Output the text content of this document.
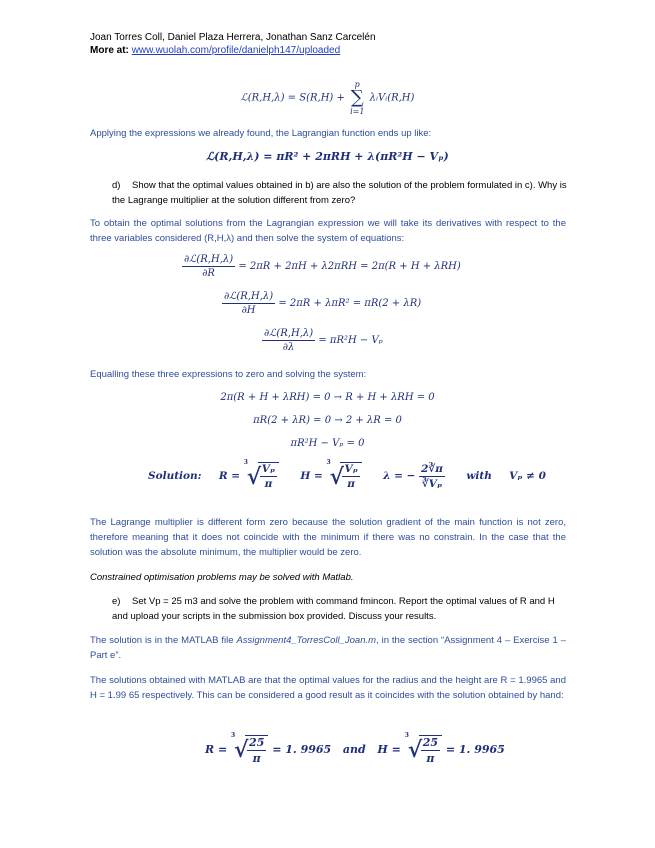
Joan Torres Coll, Daniel Plaza Herrera, Jonathan Sanz Carcelén
More at: www.wuolah.com/profile/danielph147/uploaded
ℒ(R,H,λ) = S(R,H) +
p
∑
i=1
λᵢVᵢ(R,H)
Applying the expressions we already found, the Lagrangian function ends up like:
ℒ(R,H,λ) = πR² + 2πRH + λ(πR²H − Vₚ)
d) Show that the optimal values obtained in b) are also the solution of the problem formulated in c). Why is the Lagrange multiplier at the solution different from zero?
To obtain the optimal solutions from the Lagrangian expression we will take its derivatives with respect to the three variables considered (R,H,λ) and then solve the system of equations:
$\frac{\text{∂ℒ(R,H,λ)}}{\partial R} = 2\pi R + 2\pi H + \lambda 2\pi RH = 2\pi(R + H + \lambda RH)$
$\frac{\text{∂ℒ(R,H,λ)}}{\partial H} = 2\pi R + \lambda\pi R^2 = \pi R(2 + \lambda R)$
$\frac{\text{∂ℒ(R,H,λ)}}{\partial\lambda} = \pi R^2H - V_p$
Equalling these three expressions to zero and solving the system:
2π(R + H + λRH) = 0 → R + H + λRH = 0
πR(2 + λR) = 0 → 2 + λR = 0
πR²H − Vₚ = 0
Solution: R =
3
√
$\frac{\text{Vₚ}}{\pi}$ H =
3
√
$\frac{\text{Vₚ}}{\pi}$ λ = − $\frac{2∛\pi}{\text{∛Vₚ}}$ with Vₚ ≠ 0
The Lagrange multiplier is different form zero because the solution gradient of the main function is not zero, therefore meaning that it does not coincide with the minimum if there was no constrain. In the case that the solution was the absolute minimum, the multiplier would be zero.
Constrained optimisation problems may be solved with Matlab.
e) Set Vp = 25 m3 and solve the problem with command fmincon. Report the optimal values of R and H and upload your scripts in the submission box provided. Discuss your results.
The solution is in the MATLAB file Assignment4_TorresColl_Joan.m, in the section “Assignment 4 – Exercise 1 – Part e”.
The solutions obtained with MATLAB are that the optimal values for the radius and the height are R = 1.9965 and H = 1.99 65 respectively. This can be considered a good result as it coincides with the solution obtained by hand:
R =
3
√
$\frac{25}{\pi} = 1$. 9965 and H =
3
√
$\frac{25}{\pi} = 1$. 9965
